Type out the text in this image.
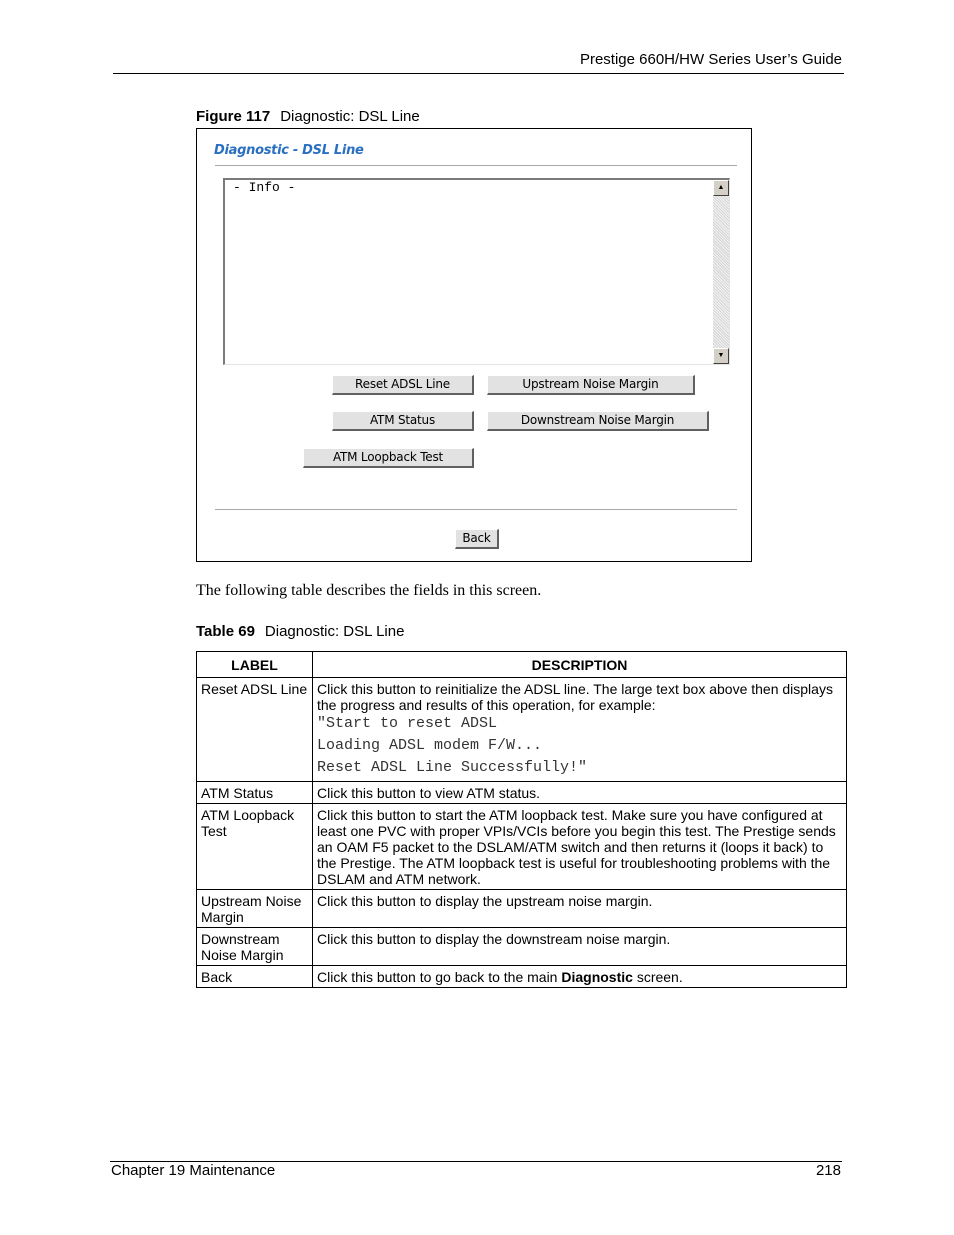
Prestige 660H/HW Series User’s Guide
Figure 117 Diagnostic: DSL Line
Diagnostic - DSL Line
- Info -	▲
▼
Reset ADSL Line	Upstream Noise Margin
ATM Status	Downstream Noise Margin
ATM Loopback Test
Back
The following table describes the fields in this screen.
Table 69 Diagnostic: DSL Line
LABEL	DESCRIPTION
Reset ADSL Line	Click this button to reinitialize the ADSL line. The large text box above then displays the progress and results of this operation, for example:
"Start to reset ADSL
Loading ADSL modem F/W...
Reset ADSL Line Successfully!"

ATM Status	Click this button to view ATM status.
ATM Loopback Test	Click this button to start the ATM loopback test. Make sure you have configured at least one PVC with proper VPIs/VCIs before you begin this test. The Prestige sends an OAM F5 packet to the DSLAM/ATM switch and then returns it (loops it back) to the Prestige. The ATM loopback test is useful for troubleshooting problems with the DSLAM and ATM network.
Upstream Noise Margin	Click this button to display the upstream noise margin.
Downstream Noise Margin	Click this button to display the downstream noise margin.
Back	Click this button to go back to the main Diagnostic screen.
Chapter 19 Maintenance	218
